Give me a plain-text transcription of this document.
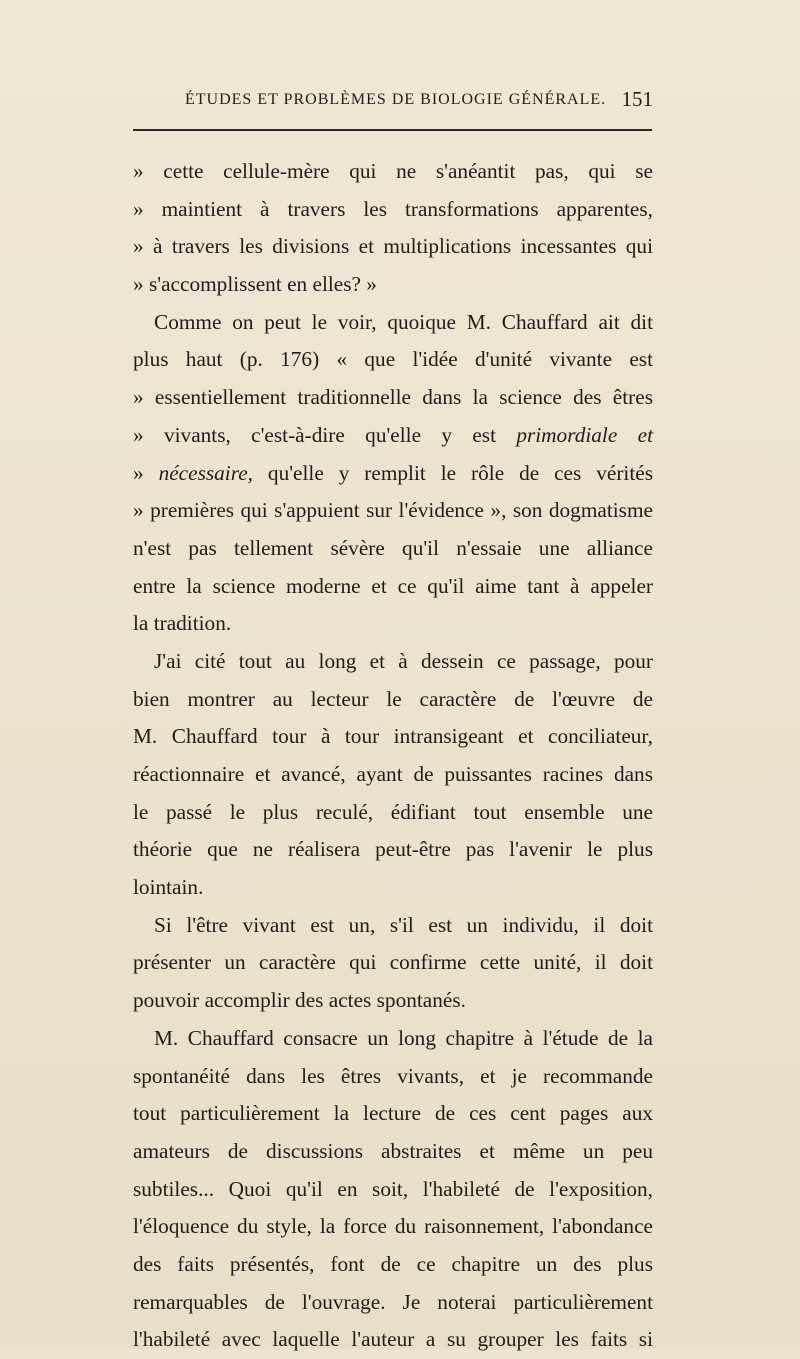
ÉTUDES ET PROBLÈMES DE BIOLOGIE GÉNÉRALE. 151
» cette cellule-mère qui ne s'anéantit pas, qui se
» maintient à travers les transformations apparentes,
» à travers les divisions et multiplications incessantes qui
» s'accomplissent en elles? »
Comme on peut le voir, quoique M. Chauffard ait dit
plus haut (p. 176) « que l'idée d'unité vivante est
» essentiellement traditionnelle dans la science des êtres
» vivants, c'est-à-dire qu'elle y est primordiale et
» nécessaire, qu'elle y remplit le rôle de ces vérités
» premières qui s'appuient sur l'évidence », son dogmatisme
n'est pas tellement sévère qu'il n'essaie une alliance
entre la science moderne et ce qu'il aime tant à appeler
la tradition.
J'ai cité tout au long et à dessein ce passage, pour
bien montrer au lecteur le caractère de l'œuvre de
M. Chauffard tour à tour intransigeant et conciliateur,
réactionnaire et avancé, ayant de puissantes racines dans
le passé le plus reculé, édifiant tout ensemble une
théorie que ne réalisera peut-être pas l'avenir le plus
lointain.
Si l'être vivant est un, s'il est un individu, il doit
présenter un caractère qui confirme cette unité, il doit
pouvoir accomplir des actes spontanés.
M. Chauffard consacre un long chapitre à l'étude de la
spontanéité dans les êtres vivants, et je recommande
tout particulièrement la lecture de ces cent pages aux
amateurs de discussions abstraites et même un peu
subtiles... Quoi qu'il en soit, l'habileté de l'exposition,
l'éloquence du style, la force du raisonnement, l'abondance
des faits présentés, font de ce chapitre un des plus
remarquables de l'ouvrage. Je noterai particulièrement
l'habileté avec laquelle l'auteur a su grouper les faits si
